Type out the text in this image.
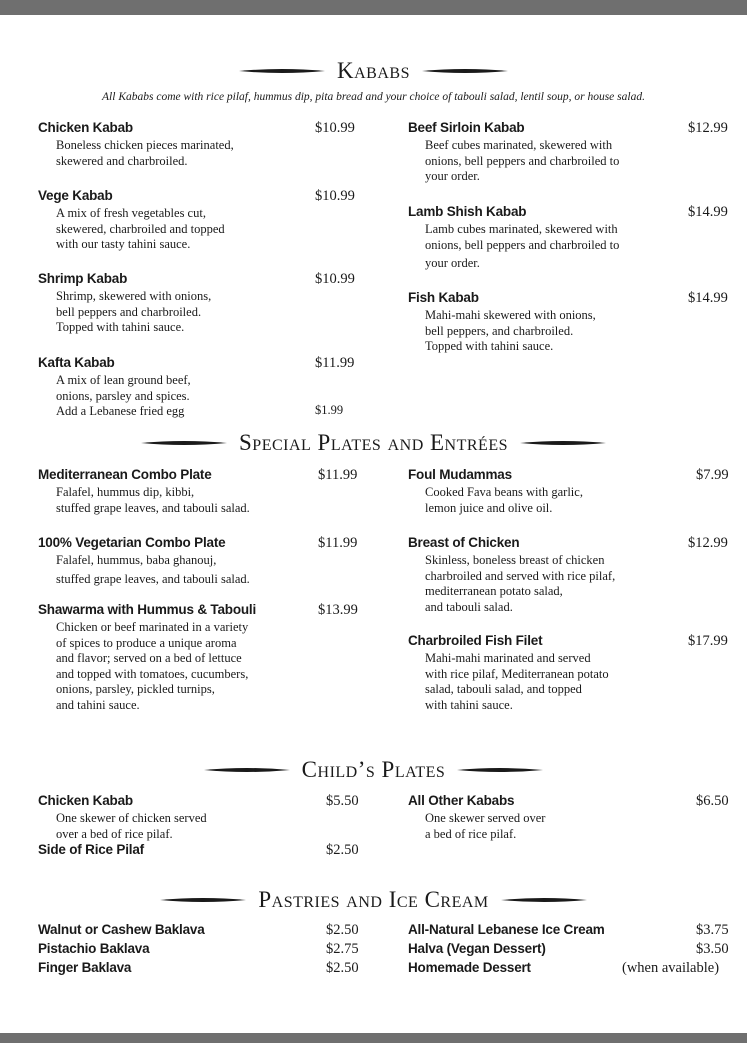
Kababs
All Kababs come with rice pilaf, hummus dip, pita bread and your choice of tabouli salad, lentil soup, or house salad.
Chicken Kabab	$10.99
Boneless chicken pieces marinated,
skewered and charbroiled.
Vege Kabab	$10.99
A mix of fresh vegetables cut,
skewered, charbroiled and topped
with our tasty tahini sauce.
Shrimp Kabab	$10.99
Shrimp, skewered with onions,
bell peppers and charbroiled.
Topped with tahini sauce.
Kafta Kabab	$11.99
A mix of lean ground beef,
onions, parsley and spices.
Add a Lebanese fried egg	$1.99
Beef Sirloin Kabab	$12.99
Beef cubes marinated, skewered with
onions, bell peppers and charbroiled to
your order.
Lamb Shish Kabab	$14.99
Lamb cubes marinated, skewered with
onions, bell peppers and charbroiled to
your order.
Fish Kabab	$14.99
Mahi-mahi skewered with onions,
bell peppers, and charbroiled.
Topped with tahini sauce.
Special Plates and Entrées
Mediterranean Combo Plate	$11.99
Falafel, hummus dip, kibbi,
stuffed grape leaves, and tabouli salad.
100% Vegetarian Combo Plate	$11.99
Falafel, hummus, baba ghanouj,
stuffed grape leaves, and tabouli salad.
Shawarma with Hummus & Tabouli	$13.99
Chicken or beef marinated in a variety
of spices to produce a unique aroma
and flavor; served on a bed of lettuce
and topped with tomatoes, cucumbers,
onions, parsley, pickled turnips,
and tahini sauce.
Foul Mudammas	$7.99
Cooked Fava beans with garlic,
lemon juice and olive oil.
Breast of Chicken	$12.99
Skinless, boneless breast of chicken
charbroiled and served with rice pilaf,
mediterranean potato salad,
and tabouli salad.
Charbroiled Fish Filet	$17.99
Mahi-mahi marinated and served
with rice pilaf, Mediterranean potato
salad, tabouli salad, and topped
with tahini sauce.
Child’s Plates
Chicken Kabab	$5.50
One skewer of chicken served
over a bed of rice pilaf.
Side of Rice Pilaf	$2.50
All Other Kababs	$6.50
One skewer served over
a bed of rice pilaf.
Pastries and Ice Cream
Walnut or Cashew Baklava	$2.50
Pistachio Baklava	$2.75
Finger Baklava	$2.50
All-Natural Lebanese Ice Cream	$3.75
Halva (Vegan Dessert)	$3.50
Homemade Dessert	(when available)
